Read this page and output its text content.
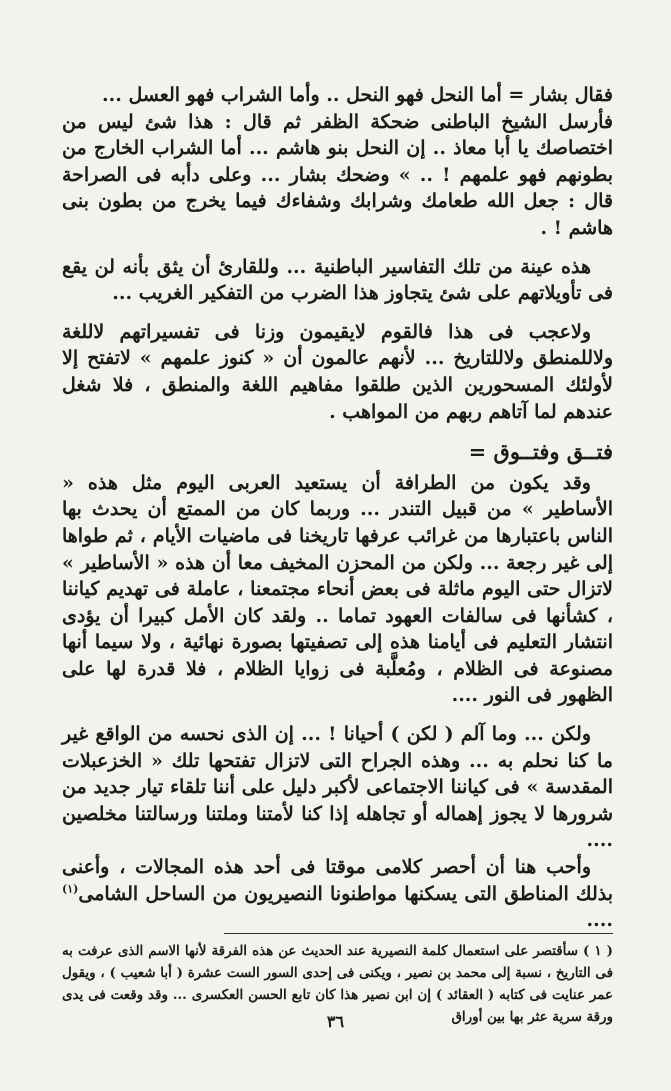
فقال بشار = أما النحل فهو النحل .. وأما الشراب فهو العسل ...

فأرسل الشيخ الباطنى ضحكة الظفر ثم قال : هذا شئ ليس من اختصاصك يا أبا معاذ .. إن النحل بنو هاشم ... أما الشراب الخارج من بطونهم فهو علمهم ! .. » وضحك بشار ... وعلى دأبه فى الصراحة قال : جعل الله طعامك وشرابك وشفاءك فيما يخرج من بطون بنى هاشم ! .

هذه عينة من تلك التفاسير الباطنية ... وللقارئ أن يثق بأنه لن يقع فى تأويلاتهم على شئ يتجاوز هذا الضرب من التفكير الغريب ...

ولاعجب فى هذا فالقوم لايقيمون وزنا فى تفسيراتهم لاللغة ولاللمنطق ولاللتاريخ ... لأنهم عالمون أن « كنوز علمهم » لاتفتح إلا لأولئك المسحورين الذين طلقوا مفاهيم اللغة والمنطق ، فلا شغل عندهم لما آتاهم ربهم من المواهب .

فتــق وفتــوق =

وقد يكون من الطرافة أن يستعيد العربى اليوم مثل هذه « الأساطير » من قبيل التندر ... وربما كان من الممتع أن يحدث بها الناس باعتبارها من غرائب عرفها تاريخنا فى ماضيات الأيام ، ثم طواها إلى غير رجعة ... ولكن من المحزن المخيف معا أن هذه « الأساطير » لاتزال حتى اليوم ماثلة فى بعض أنحاء مجتمعنا ، عاملة فى تهديم كياننا ، كشأنها فى سالفات العهود تماما .. ولقد كان الأمل كبيرا أن يؤدى انتشار التعليم فى أيامنا هذه إلى تصفيتها بصورة نهائية ، ولا سيما أنها مصنوعة فى الظلام ، ومُعلَّبة فى زوايا الظلام ، فلا قدرة لها على الظهور فى النور ....

ولكن ... وما آلم ( لكن ) أحيانا ! ... إن الذى نحسه من الواقع غير ما كنا نحلم به ... وهذه الجراح التى لاتزال تفتحها تلك « الخزعبلات المقدسة » فى كياننا الاجتماعى لأكبر دليل على أننا تلقاء تيار جديد من شرورها لا يجوز إهماله أو تجاهله إذا كنا لأمتنا وملتنا ورسالتنا مخلصين ....

وأحب هنا أن أحصر كلامى موقتا فى أحد هذه المجالات ، وأعنى بذلك المناطق التى يسكنها مواطنونا النصيريون من الساحل الشامى$^{(١)}$ ....

( ١ ) سأقتصر على استعمال كلمة النصيرية عند الحديث عن هذه الفرقة لأنها الاسم الذى عرفت به فى التاريخ ، نسبة إلى محمد بن نصير ، ويكنى فى إحدى السور الست عشرة ( أبا شعيب ) ، ويقول عمر عنايت فى كتابه ( العقائد ) إن ابن نصير هذا كان تابع الحسن العكسرى ... وقد وقعت فى يدى ورقة سرية عثر بها بين أوراق
٣٦
